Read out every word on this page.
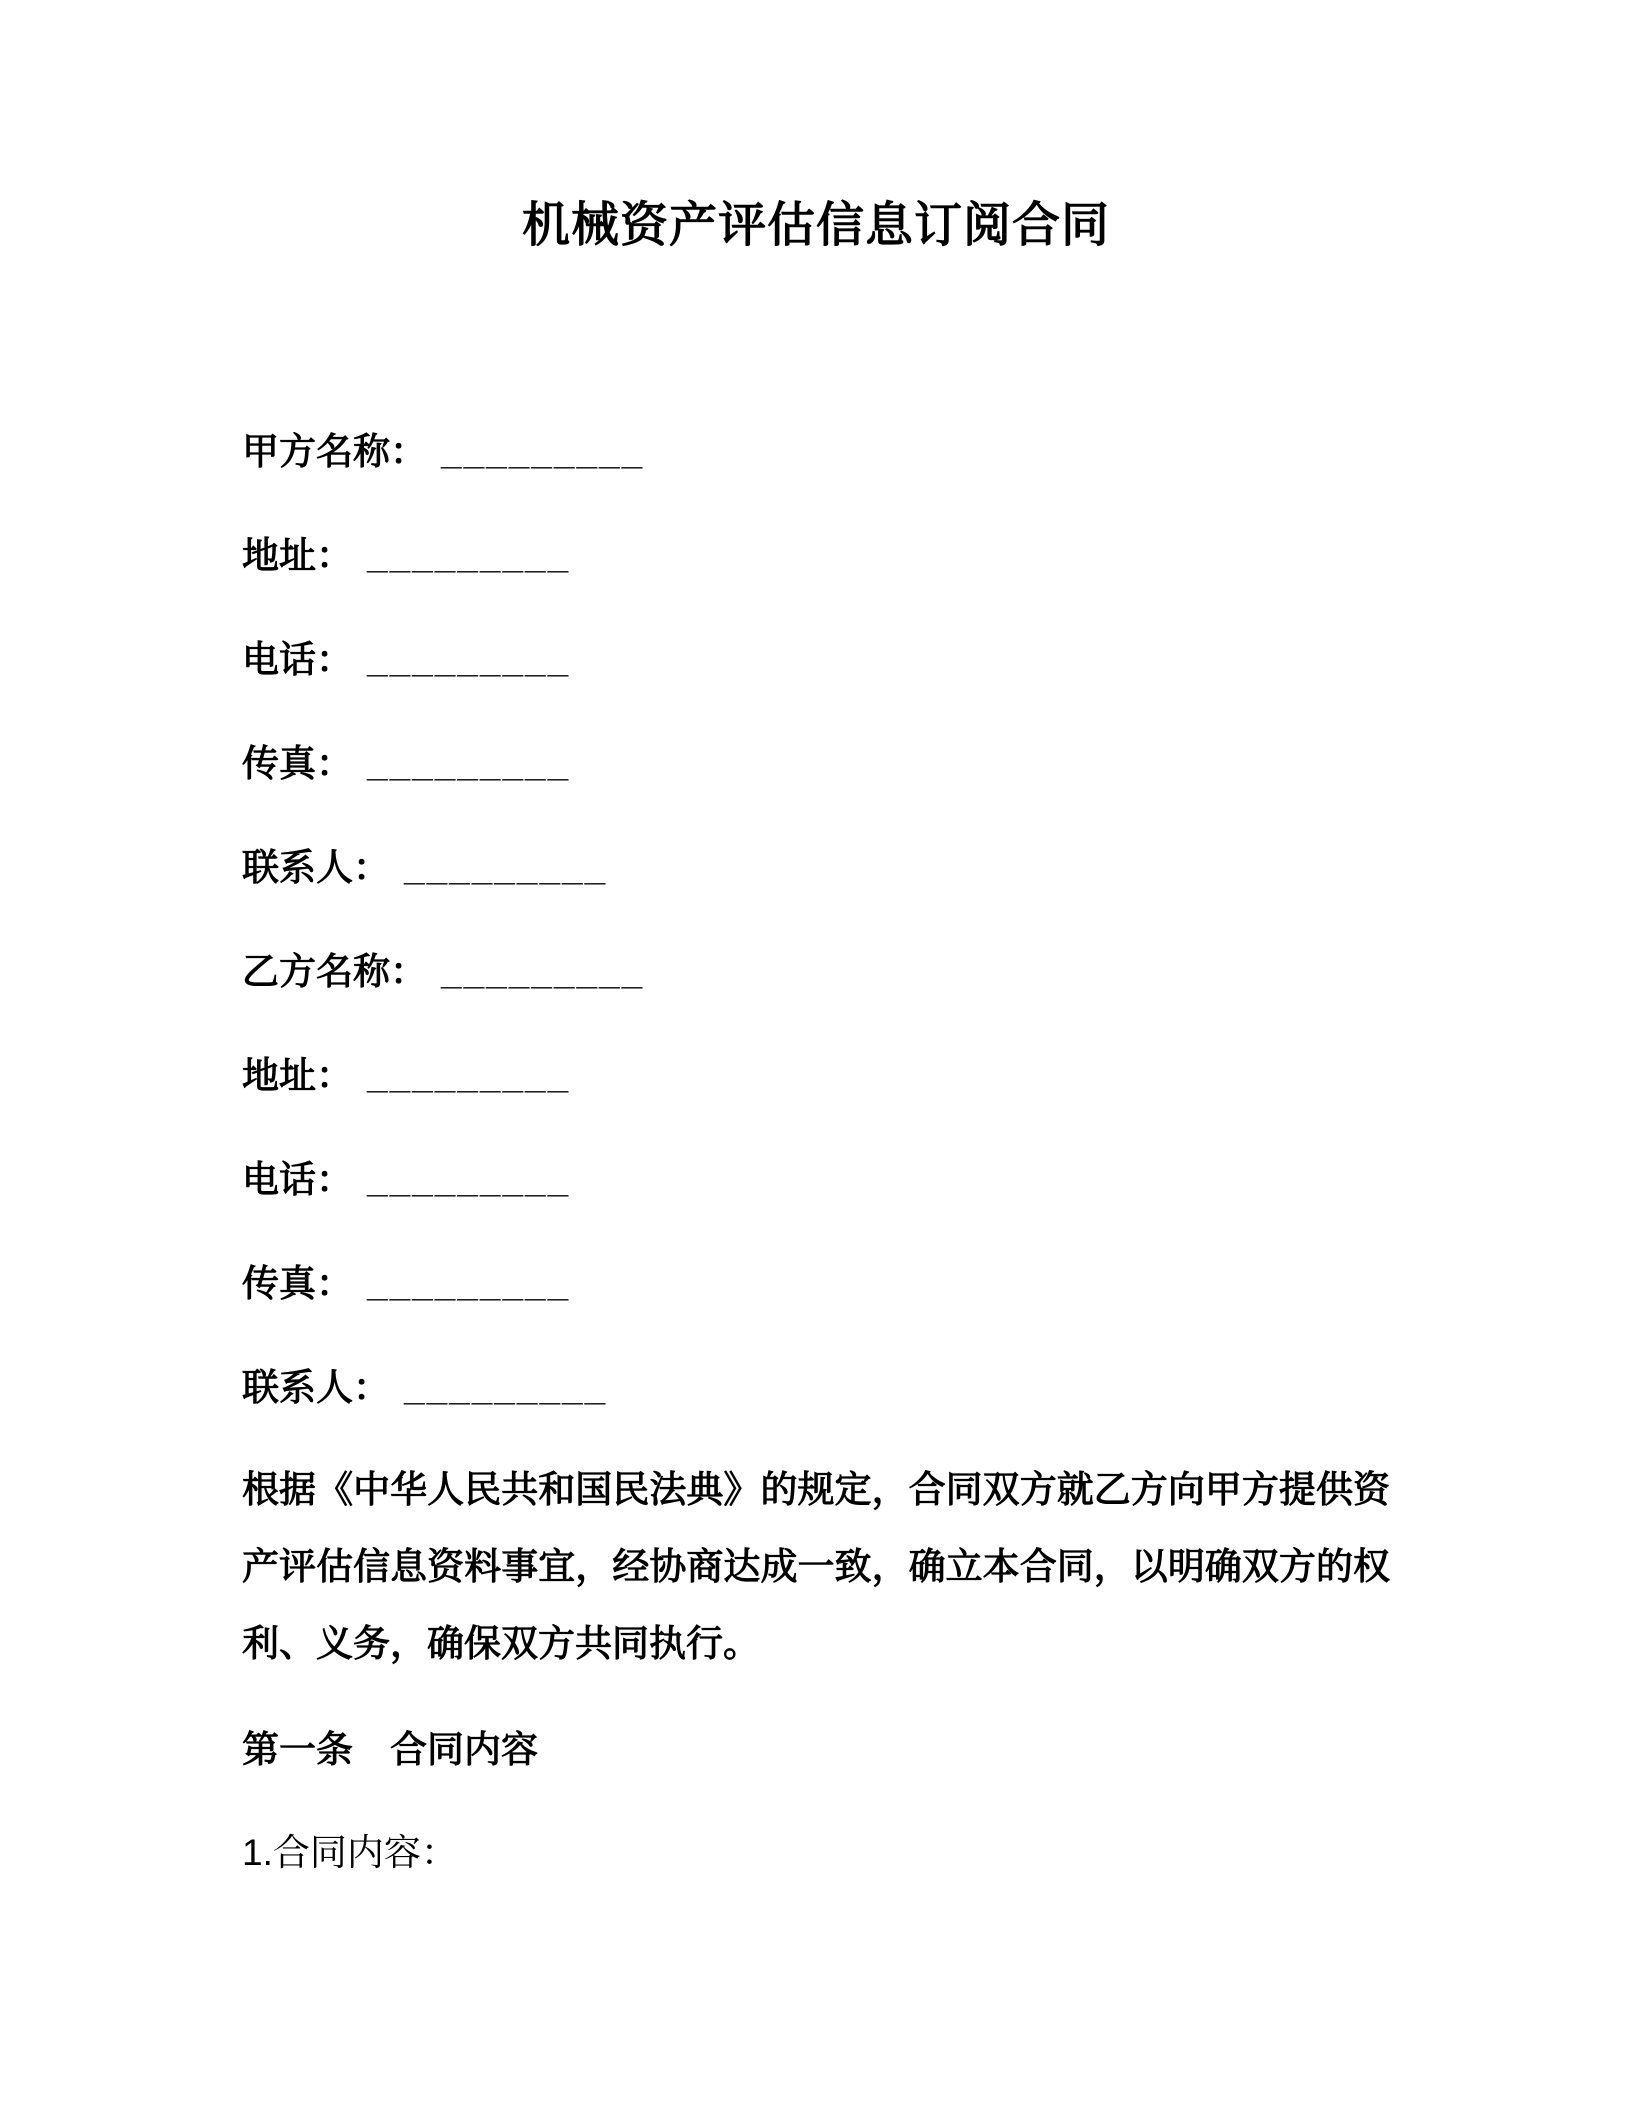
机械资产评估信息订阅合同
甲方名称： _________
地址： _________
电话： _________
传真： _________
联系人： _________
乙方名称： _________
地址： _________
电话： _________
传真： _________
联系人： _________

根据《中华人民共和国民法典》的规定，合同双方就乙方向甲方提供资产评估信息资料事宜，经协商达成一致，确立本合同，以明确双方的权利、义务，确保双方共同执行。

第一条　合同内容

1.合同内容：
